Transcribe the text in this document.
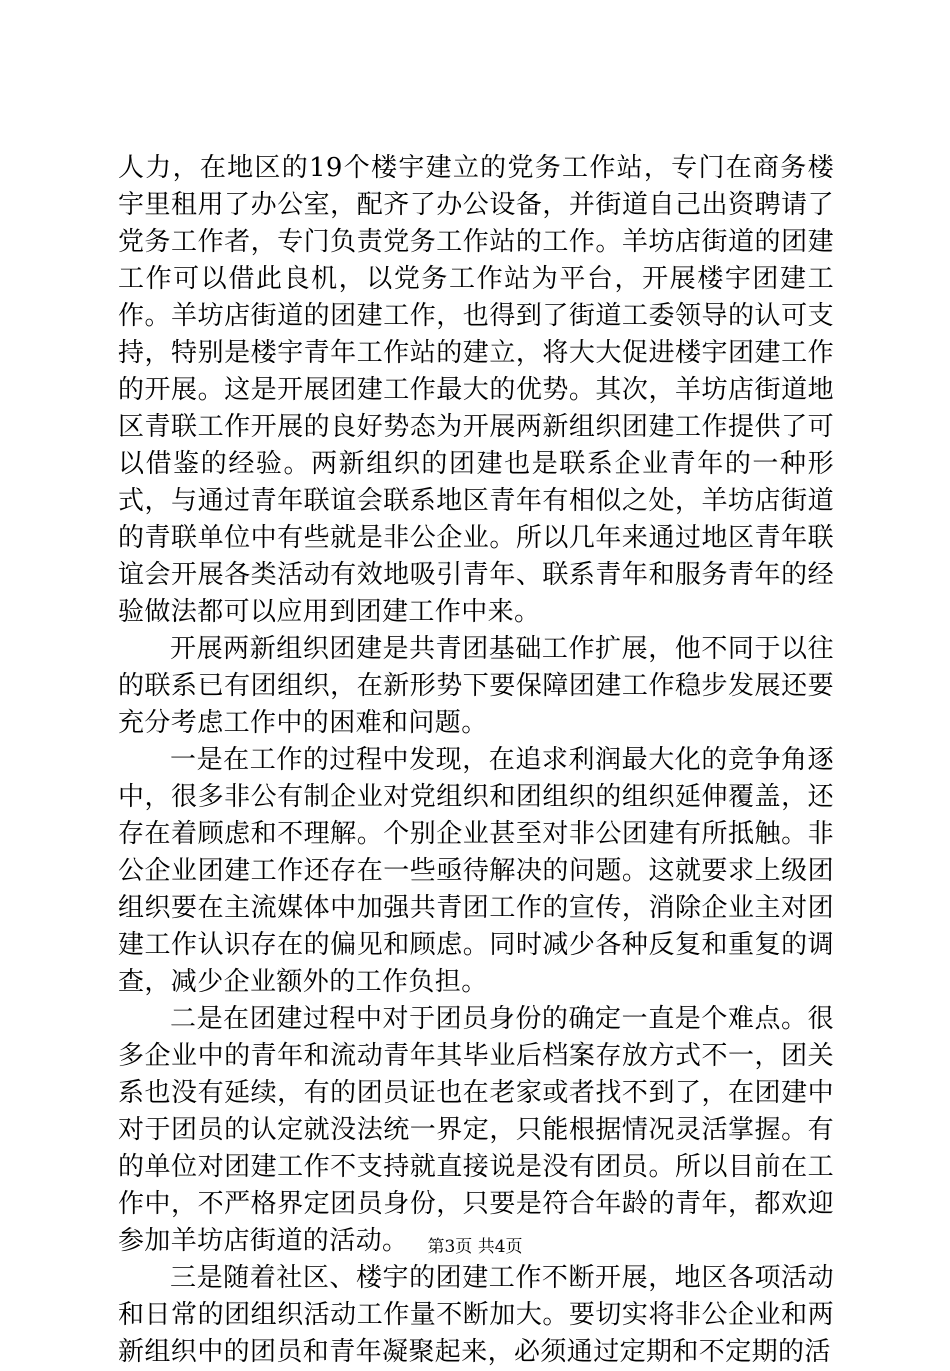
人力，在地区的19个楼宇建立的党务工作站，专门在商务楼宇里租用了办公室，配齐了办公设备，并街道自己出资聘请了党务工作者，专门负责党务工作站的工作。羊坊店街道的团建工作可以借此良机，以党务工作站为平台，开展楼宇团建工作。羊坊店街道的团建工作，也得到了街道工委领导的认可支持，特别是楼宇青年工作站的建立，将大大促进楼宇团建工作的开展。这是开展团建工作最大的优势。其次，羊坊店街道地区青联工作开展的良好势态为开展两新组织团建工作提供了可以借鉴的经验。两新组织的团建也是联系企业青年的一种形式，与通过青年联谊会联系地区青年有相似之处，羊坊店街道的青联单位中有些就是非公企业。所以几年来通过地区青年联谊会开展各类活动有效地吸引青年、联系青年和服务青年的经验做法都可以应用到团建工作中来。

开展两新组织团建是共青团基础工作扩展，他不同于以往的联系已有团组织，在新形势下要保障团建工作稳步发展还要充分考虑工作中的困难和问题。

一是在工作的过程中发现，在追求利润最大化的竞争角逐中，很多非公有制企业对党组织和团组织的组织延伸覆盖，还存在着顾虑和不理解。个别企业甚至对非公团建有所抵触。非公企业团建工作还存在一些亟待解决的问题。这就要求上级团组织要在主流媒体中加强共青团工作的宣传，消除企业主对团建工作认识存在的偏见和顾虑。同时减少各种反复和重复的调查，减少企业额外的工作负担。

二是在团建过程中对于团员身份的确定一直是个难点。很多企业中的青年和流动青年其毕业后档案存放方式不一，团关系也没有延续，有的团员证也在老家或者找不到了，在团建中对于团员的认定就没法统一界定，只能根据情况灵活掌握。有的单位对团建工作不支持就直接说是没有团员。所以目前在工作中，不严格界定团员身份，只要是符合年龄的青年，都欢迎参加羊坊店街道的活动。

三是随着社区、楼宇的团建工作不断开展，地区各项活动和日常的团组织活动工作量不断加大。要切实将非公企业和两新组织中的团员和青年凝聚起来，必须通过定期和不定期的活

第3页 共4页
